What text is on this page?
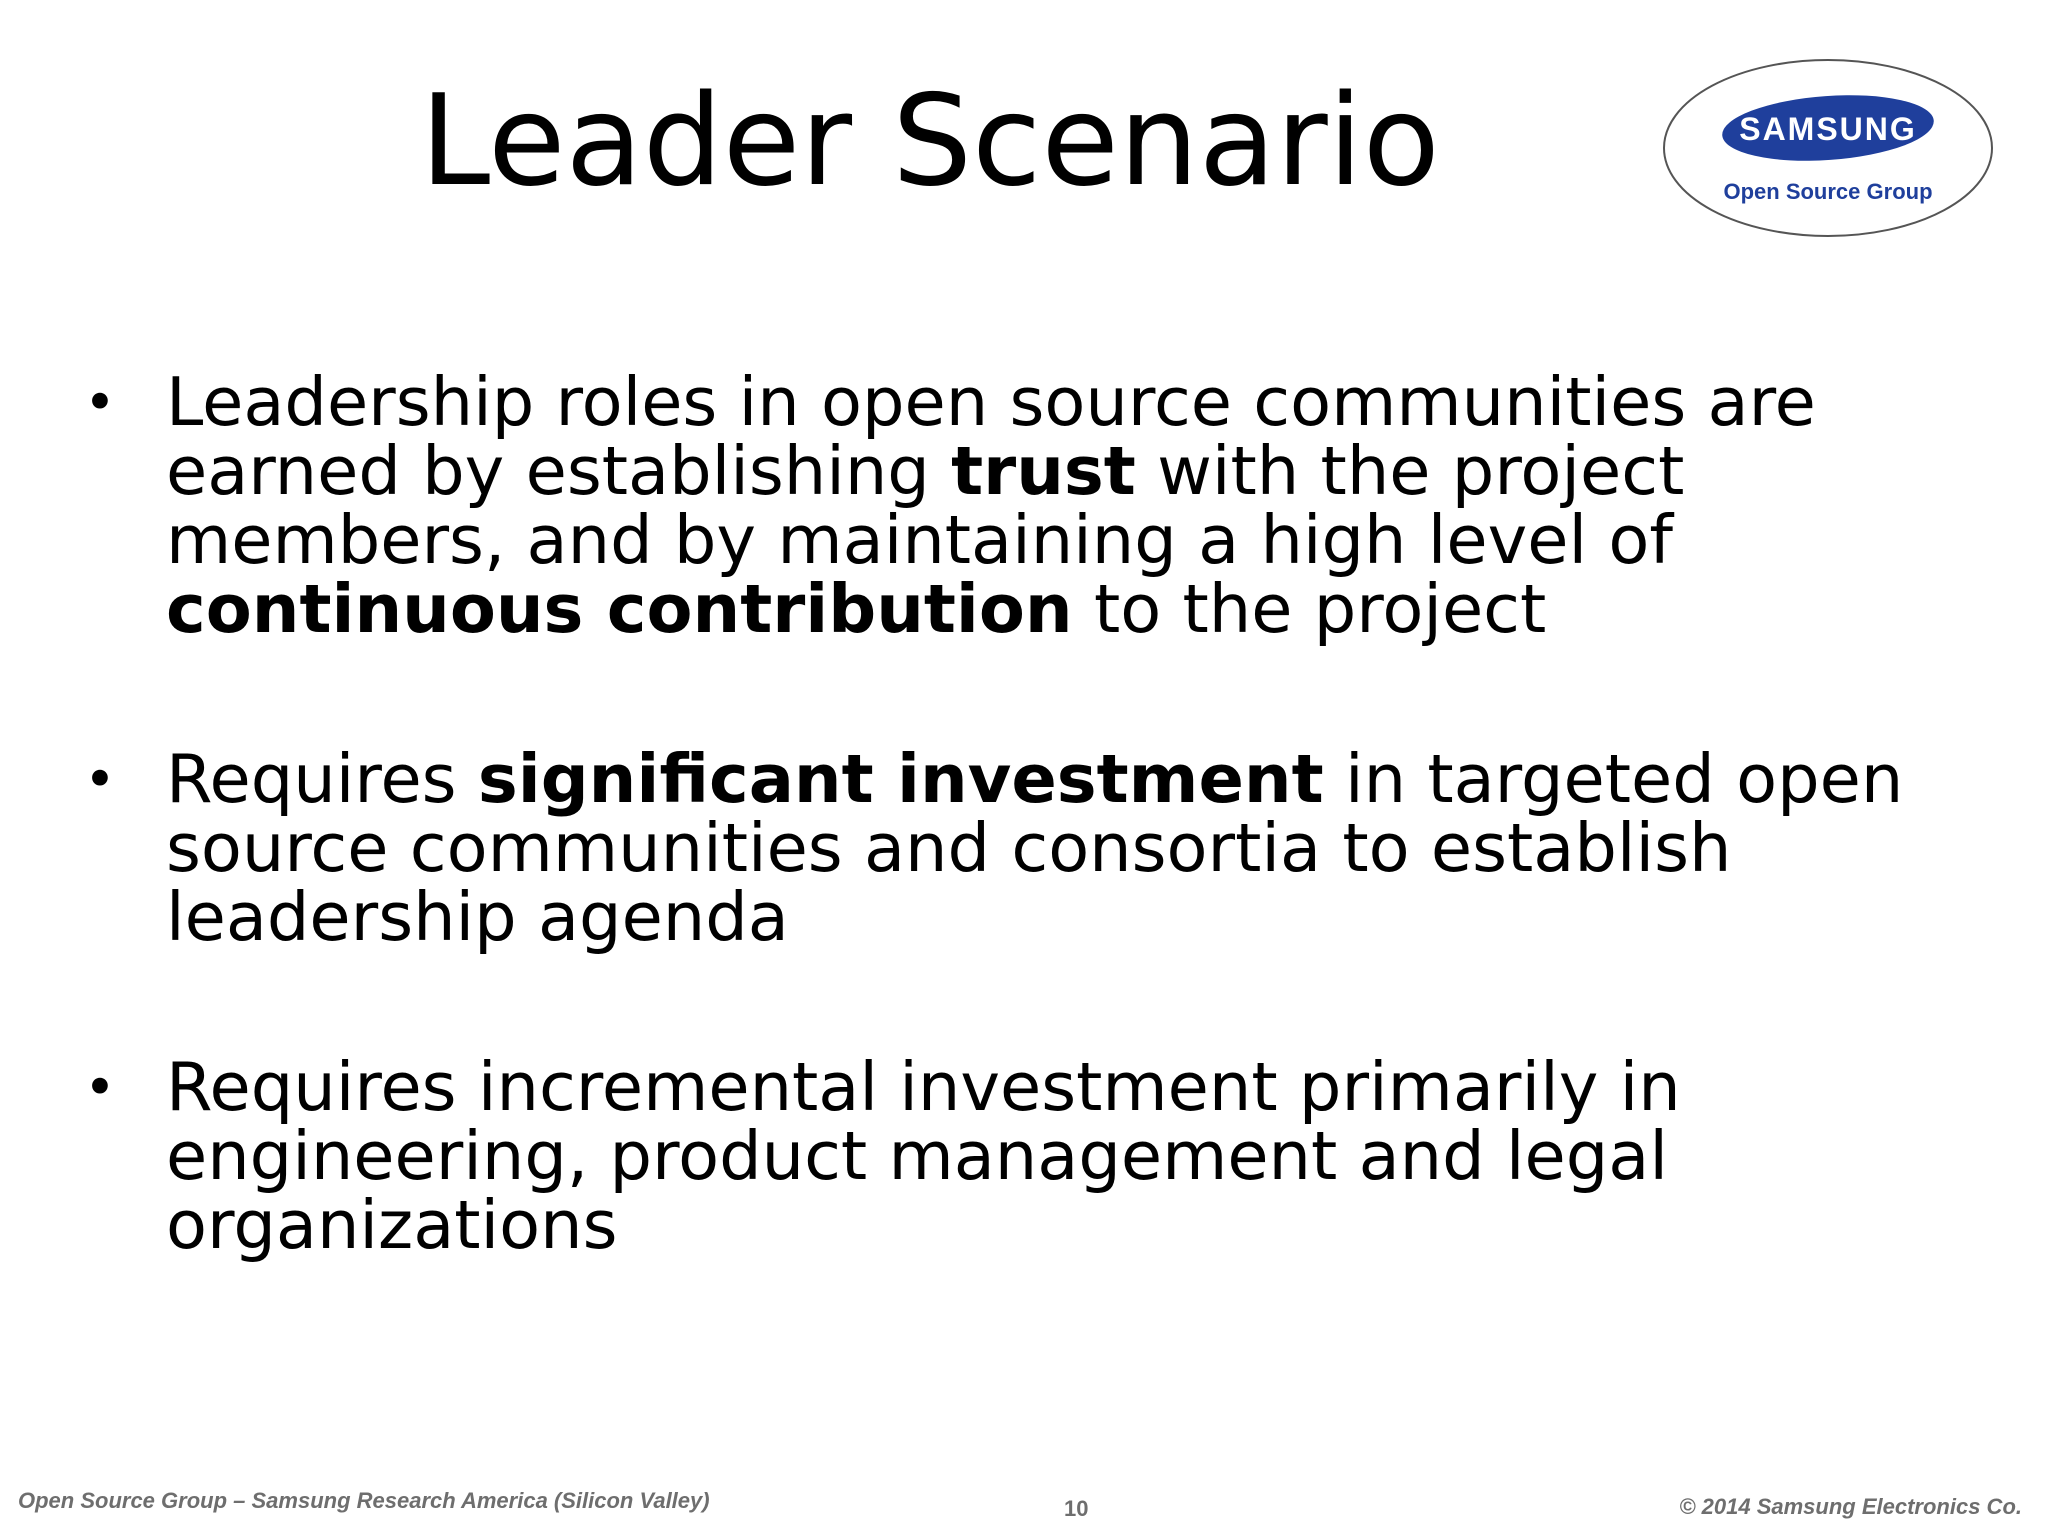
Leader Scenario	SAMSUNG
Open Source Group
• Leadership roles in open source communities are
earned by establishing trust with the project
members, and by maintaining a high level of
continuous contribution to the project
• Requires significant investment in targeted open
source communities and consortia to establish
leadership agenda
• Requires incremental investment primarily in
engineering, product management and legal
organizations
Open Source Group – Samsung Research America (Silicon Valley)	10	© 2014 Samsung Electronics Co.
